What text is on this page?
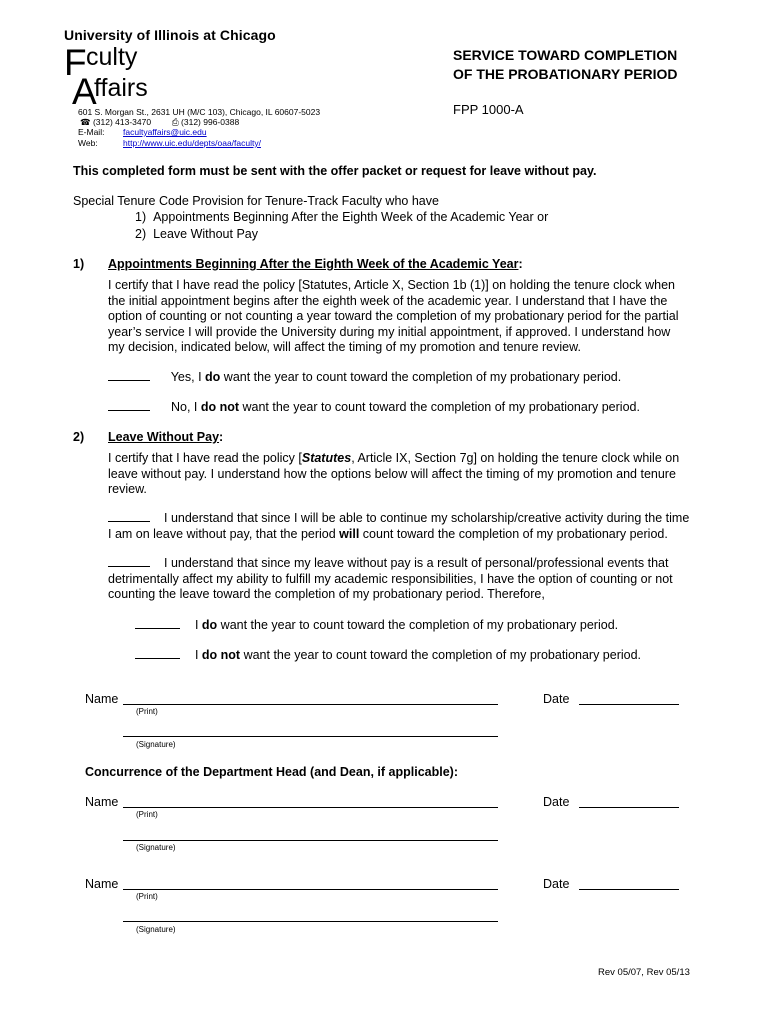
University of Illinois at Chicago
F culty
A
ffairs
601 S. Morgan St., 2631 UH (M/C 103), Chicago, IL 60607-5023
☎ (312) 413-3470 ⎙ (312) 996-0388
E-Mail: facultyaffairs@uic.edu
Web:	http://www.uic.edu/depts/oaa/faculty/
SERVICE TOWARD COMPLETION
OF THE PROBATIONARY PERIOD
FPP 1000-A
This completed form must be sent with the offer packet or request for leave without pay.
Special Tenure Code Provision for Tenure-Track Faculty who have
1) Appointments Beginning After the Eighth Week of the Academic Year or
2) Leave Without Pay
1) Appointments Beginning After the Eighth Week of the Academic Year:
I certify that I have read the policy [Statutes, Article X, Section 1b (1)] on holding the tenure clock when
the initial appointment begins after the eighth week of the academic year. I understand that I have the
option of counting or not counting a year toward the completion of my probationary period for the partial
year’s service I will provide the University during my initial appointment, if approved. I understand how
my decision, indicated below, will affect the timing of my promotion and tenure review.
Yes, I do want the year to count toward the completion of my probationary period.
No, I do not want the year to count toward the completion of my probationary period.
2) Leave Without Pay:
I certify that I have read the policy [Statutes, Article IX, Section 7g] on holding the tenure clock while on
leave without pay. I understand how the options below will affect the timing of my promotion and tenure
review.
I understand that since I will be able to continue my scholarship/creative activity during the time
I am on leave without pay, that the period will count toward the completion of my probationary period.
I understand that since my leave without pay is a result of personal/professional events that
detrimentally affect my ability to fulfill my academic responsibilities, I have the option of counting or not
counting the leave toward the completion of my probationary period. Therefore,
I do want the year to count toward the completion of my probationary period.
I do not want the year to count toward the completion of my probationary period.
Name
(Print)
Date
(Signature)
Concurrence of the Department Head (and Dean, if applicable):
Name
(Print)
Date
(Signature)
Name
(Print)
Date
(Signature)
Rev 05/07, Rev 05/13
